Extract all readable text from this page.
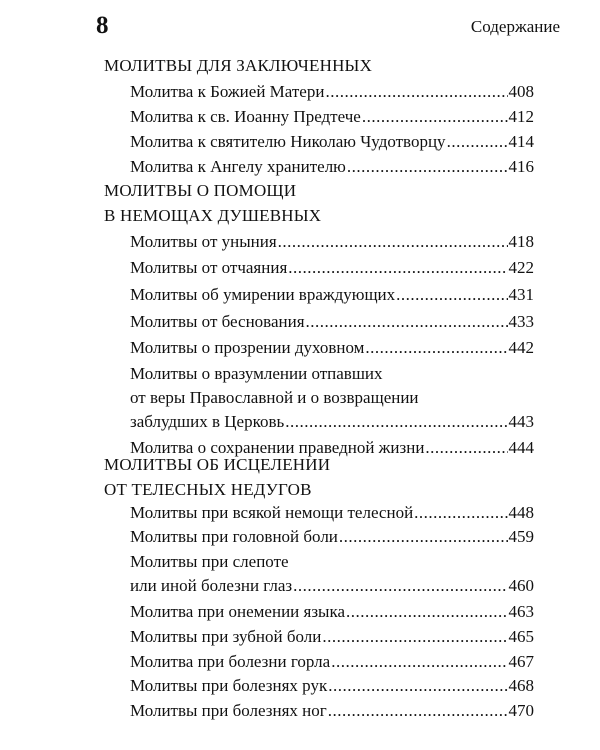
8	Содержание
МОЛИТВЫ ДЛЯ ЗАКЛЮЧЕННЫХ
Молитва к Божией Матери .....	408
Молитва к св. Иоанну Предтече .....	412
Молитва к святителю Николаю Чудотворцу .....	414
Молитва к Ангелу хранителю .....	416
МОЛИТВЫ О ПОМОЩИ
В НЕМОЩАХ ДУШЕВНЫХ
Молитвы от уныния .....	418
Молитвы от отчаяния .....	422
Молитвы об умирении враждующих .....	431
Молитвы от беснования .....	433
Молитвы о прозрении духовном .....	442
Молитвы о вразумлении отпавших
от веры Православной и о возвращении
заблудших в Церковь .....	443
Молитва о сохранении праведной жизни .....	444
МОЛИТВЫ ОБ ИСЦЕЛЕНИИ
ОТ ТЕЛЕСНЫХ НЕДУГОВ
Молитвы при всякой немощи телесной .....	448
Молитвы при головной боли .....	459
Молитвы при слепоте
или иной болезни глаз .....	460
Молитва при онемении языка .....	463
Молитвы при зубной боли .....	465
Молитва при болезни горла .....	467
Молитвы при болезнях рук .....	468
Молитвы при болезнях ног .....	470
